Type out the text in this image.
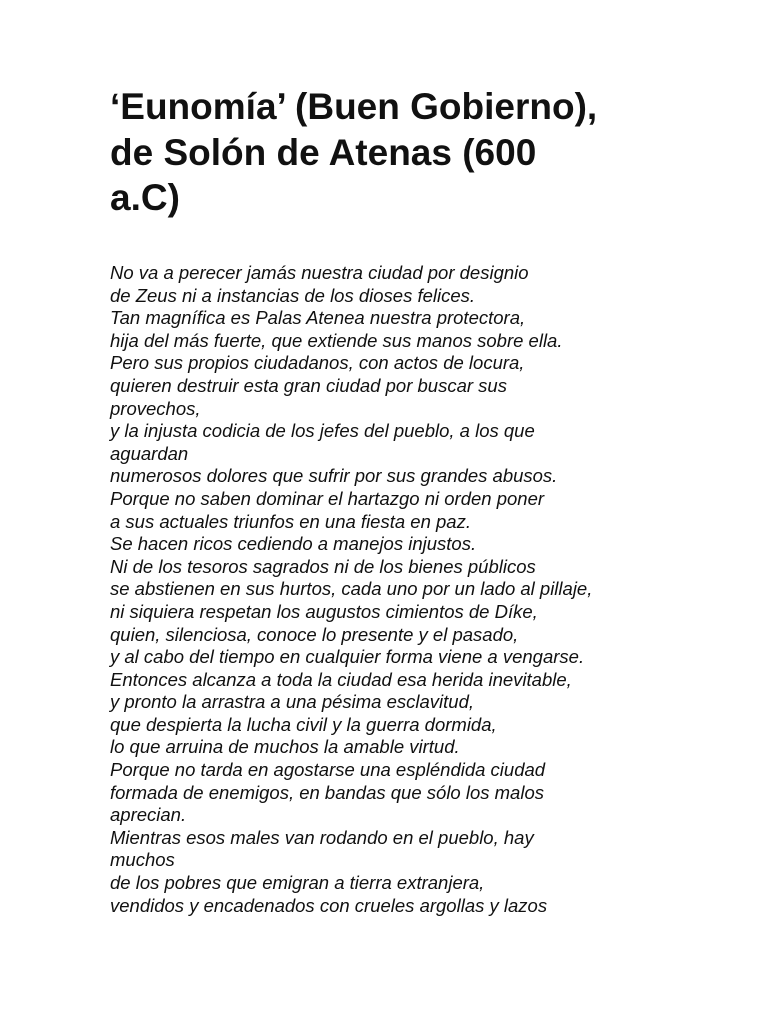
‘Eunomía’ (Buen Gobierno),
de Solón de Atenas (600
a.C)
No va a perecer jamás nuestra ciudad por designio
de Zeus ni a instancias de los dioses felices.
Tan magnífica es Palas Atenea nuestra protectora,
hija del más fuerte, que extiende sus manos sobre ella.
Pero sus propios ciudadanos, con actos de locura,
quieren destruir esta gran ciudad por buscar sus
provechos,
y la injusta codicia de los jefes del pueblo, a los que
aguardan
numerosos dolores que sufrir por sus grandes abusos.
Porque no saben dominar el hartazgo ni orden poner
a sus actuales triunfos en una fiesta en paz.
Se hacen ricos cediendo a manejos injustos.
Ni de los tesoros sagrados ni de los bienes públicos
se abstienen en sus hurtos, cada uno por un lado al pillaje,
ni siquiera respetan los augustos cimientos de Díke,
quien, silenciosa, conoce lo presente y el pasado,
y al cabo del tiempo en cualquier forma viene a vengarse.
Entonces alcanza a toda la ciudad esa herida inevitable,
y pronto la arrastra a una pésima esclavitud,
que despierta la lucha civil y la guerra dormida,
lo que arruina de muchos la amable virtud.
Porque no tarda en agostarse una espléndida ciudad
formada de enemigos, en bandas que sólo los malos
aprecian.
Mientras esos males van rodando en el pueblo, hay
muchos
de los pobres que emigran a tierra extranjera,
vendidos y encadenados con crueles argollas y lazos
